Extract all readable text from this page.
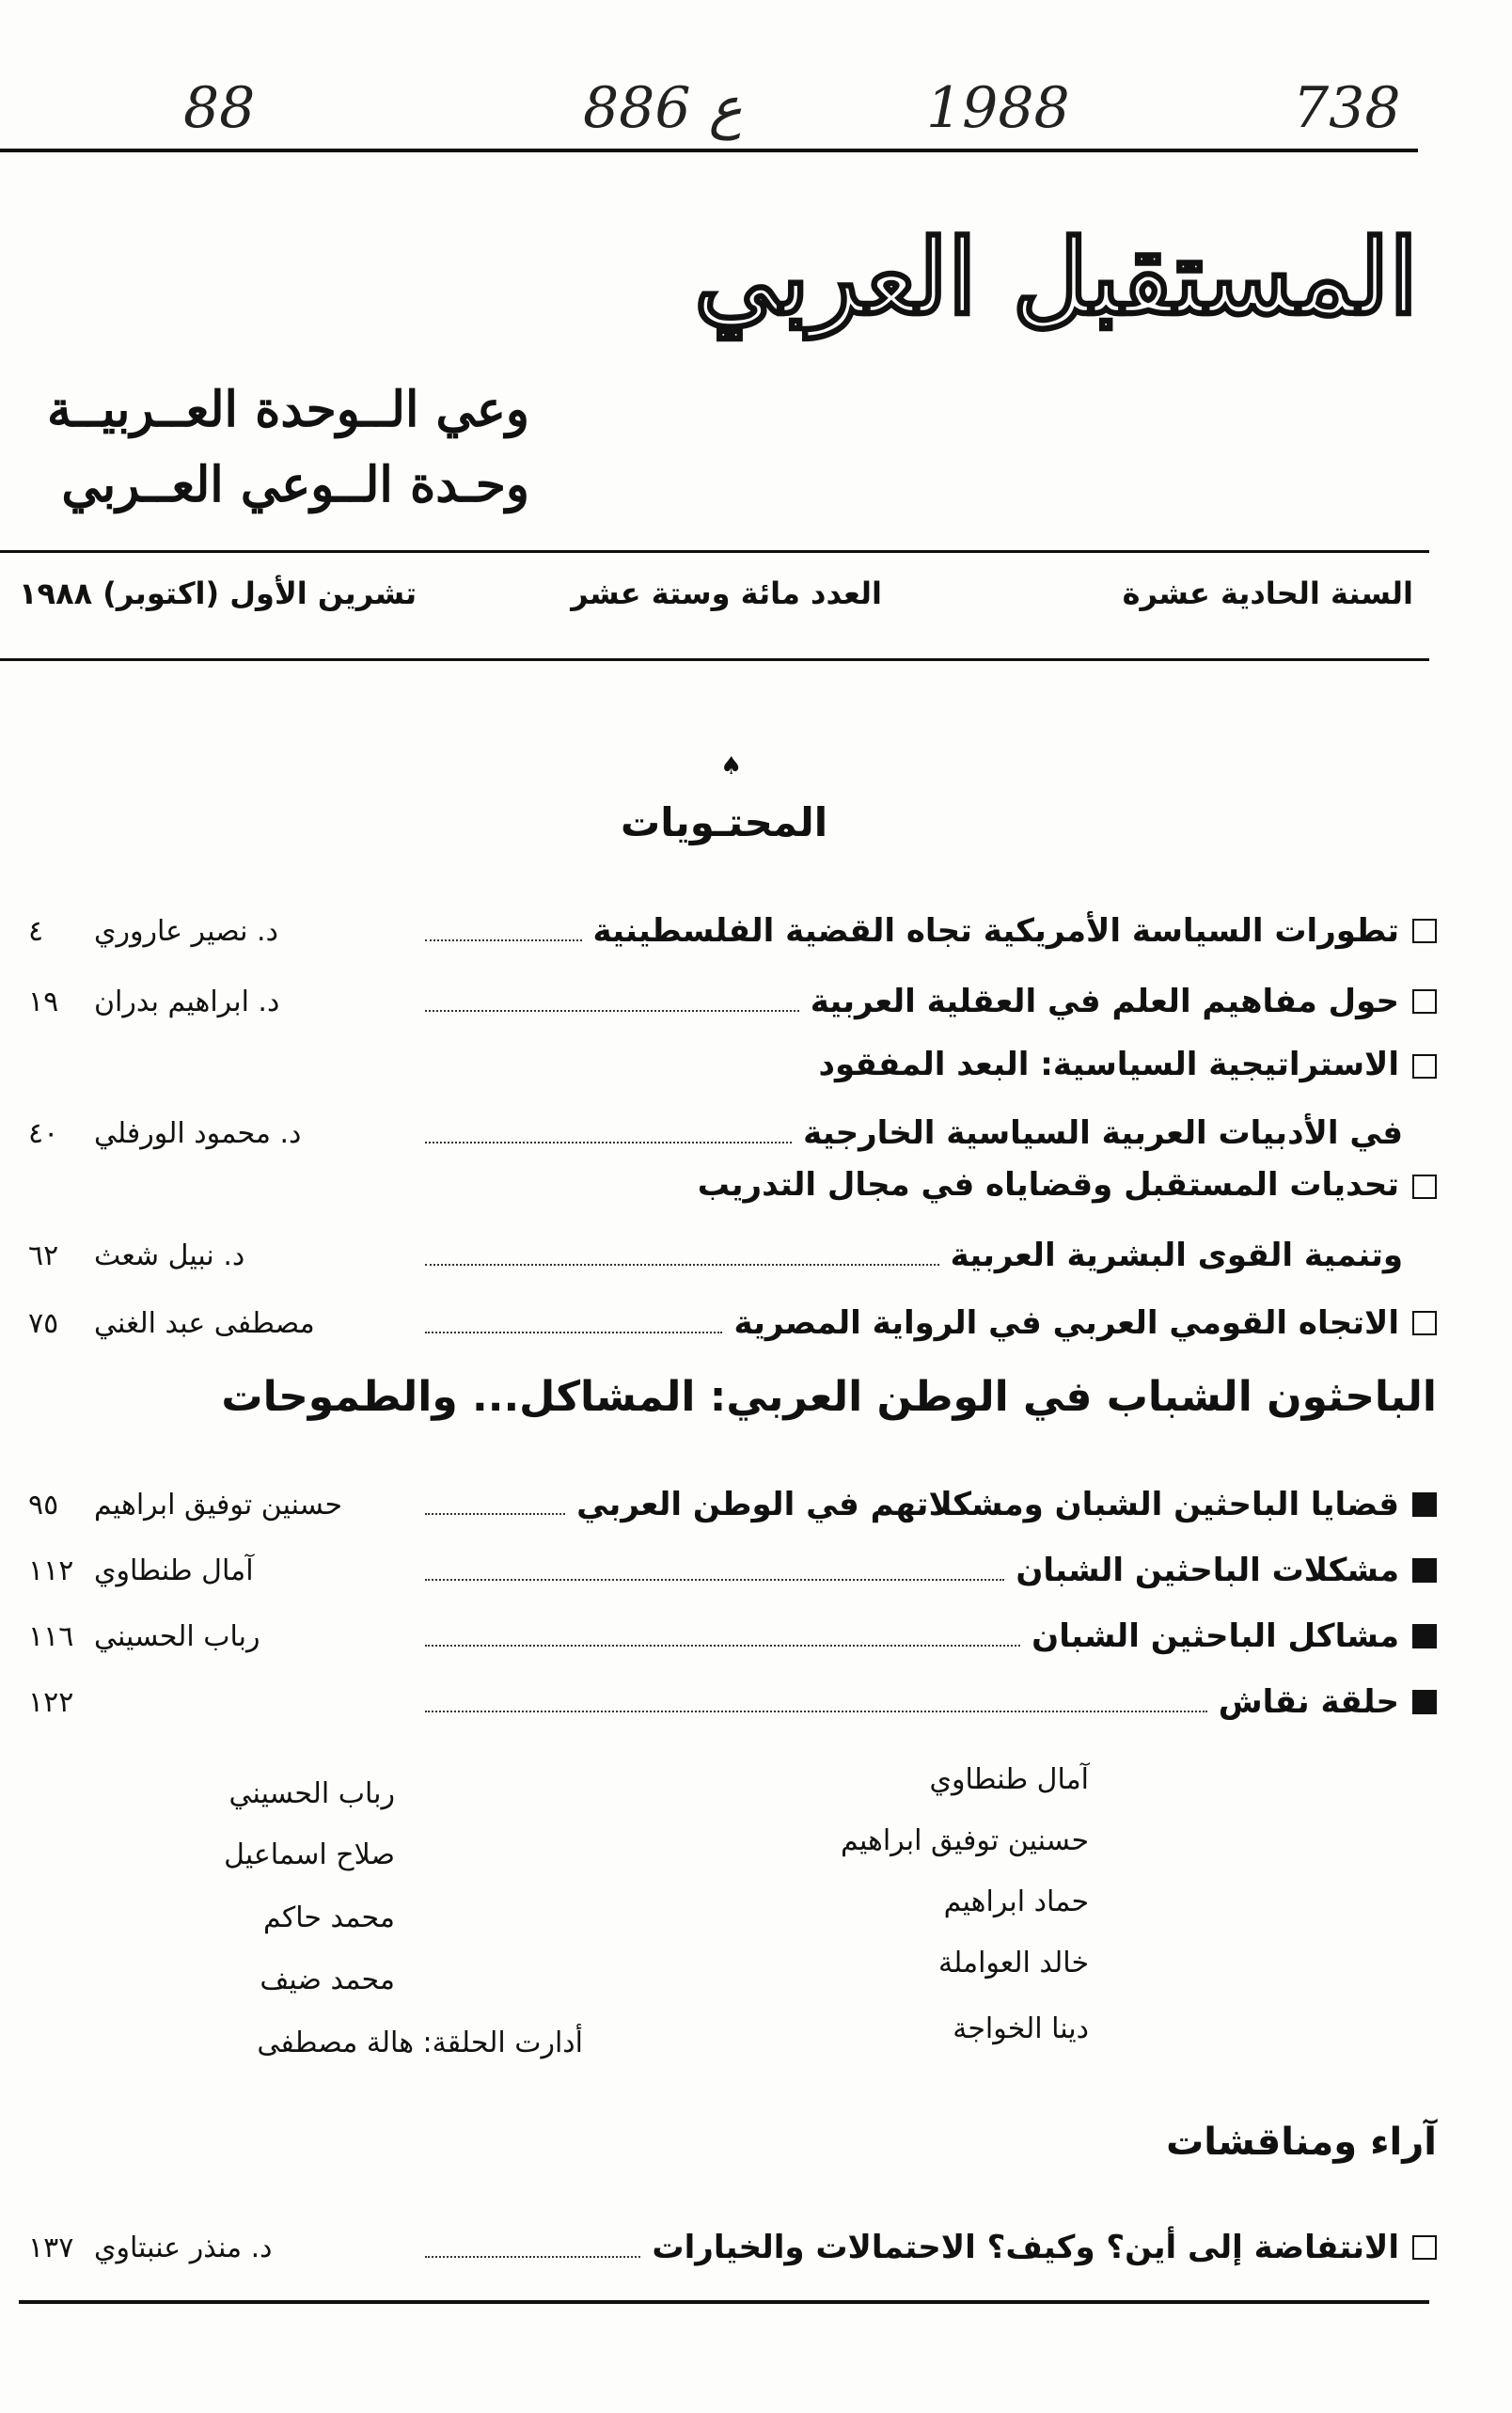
738
1988
886 ع
88
المستقبل العربي
وعي الــوحدة العــربيــة
وحـدة الــوعي العــربي
السنة الحادية عشرة
العدد مائة وستة عشر
تشرين الأول (اكتوبر) ١٩٨٨
♠
المحتـويات
تطورات السياسة الأمريكية تجاه القضية الفلسطينية
د. نصير عاروري
٤
حول مفاهيم العلم في العقلية العربية
د. ابراهيم بدران
١٩
الاستراتيجية السياسية: البعد المفقود
في الأدبيات العربية السياسية الخارجية
د. محمود الورفلي
٤٠
تحديات المستقبل وقضاياه في مجال التدريب
وتنمية القوى البشرية العربية
د. نبيل شعث
٦٢
الاتجاه القومي العربي في الرواية المصرية
مصطفى عبد الغني
٧٥
الباحثون الشباب في الوطن العربي: المشاكل... والطموحات
قضايا الباحثين الشبان ومشكلاتهم في الوطن العربي
حسنين توفيق ابراهيم
٩٥
مشكلات الباحثين الشبان
آمال طنطاوي
١١٢
مشاكل الباحثين الشبان
رباب الحسيني
١١٦
حلقة نقاش
١٢٢
آمال طنطاوي
حسنين توفيق ابراهيم
حماد ابراهيم
خالد العواملة
دينا الخواجة
رباب الحسيني
صلاح اسماعيل
محمد حاكم
محمد ضيف
أدارت الحلقة: هالة مصطفى
آراء ومناقشات
الانتفاضة إلى أين؟ وكيف؟ الاحتمالات والخيارات
د. منذر عنبتاوي
١٣٧
